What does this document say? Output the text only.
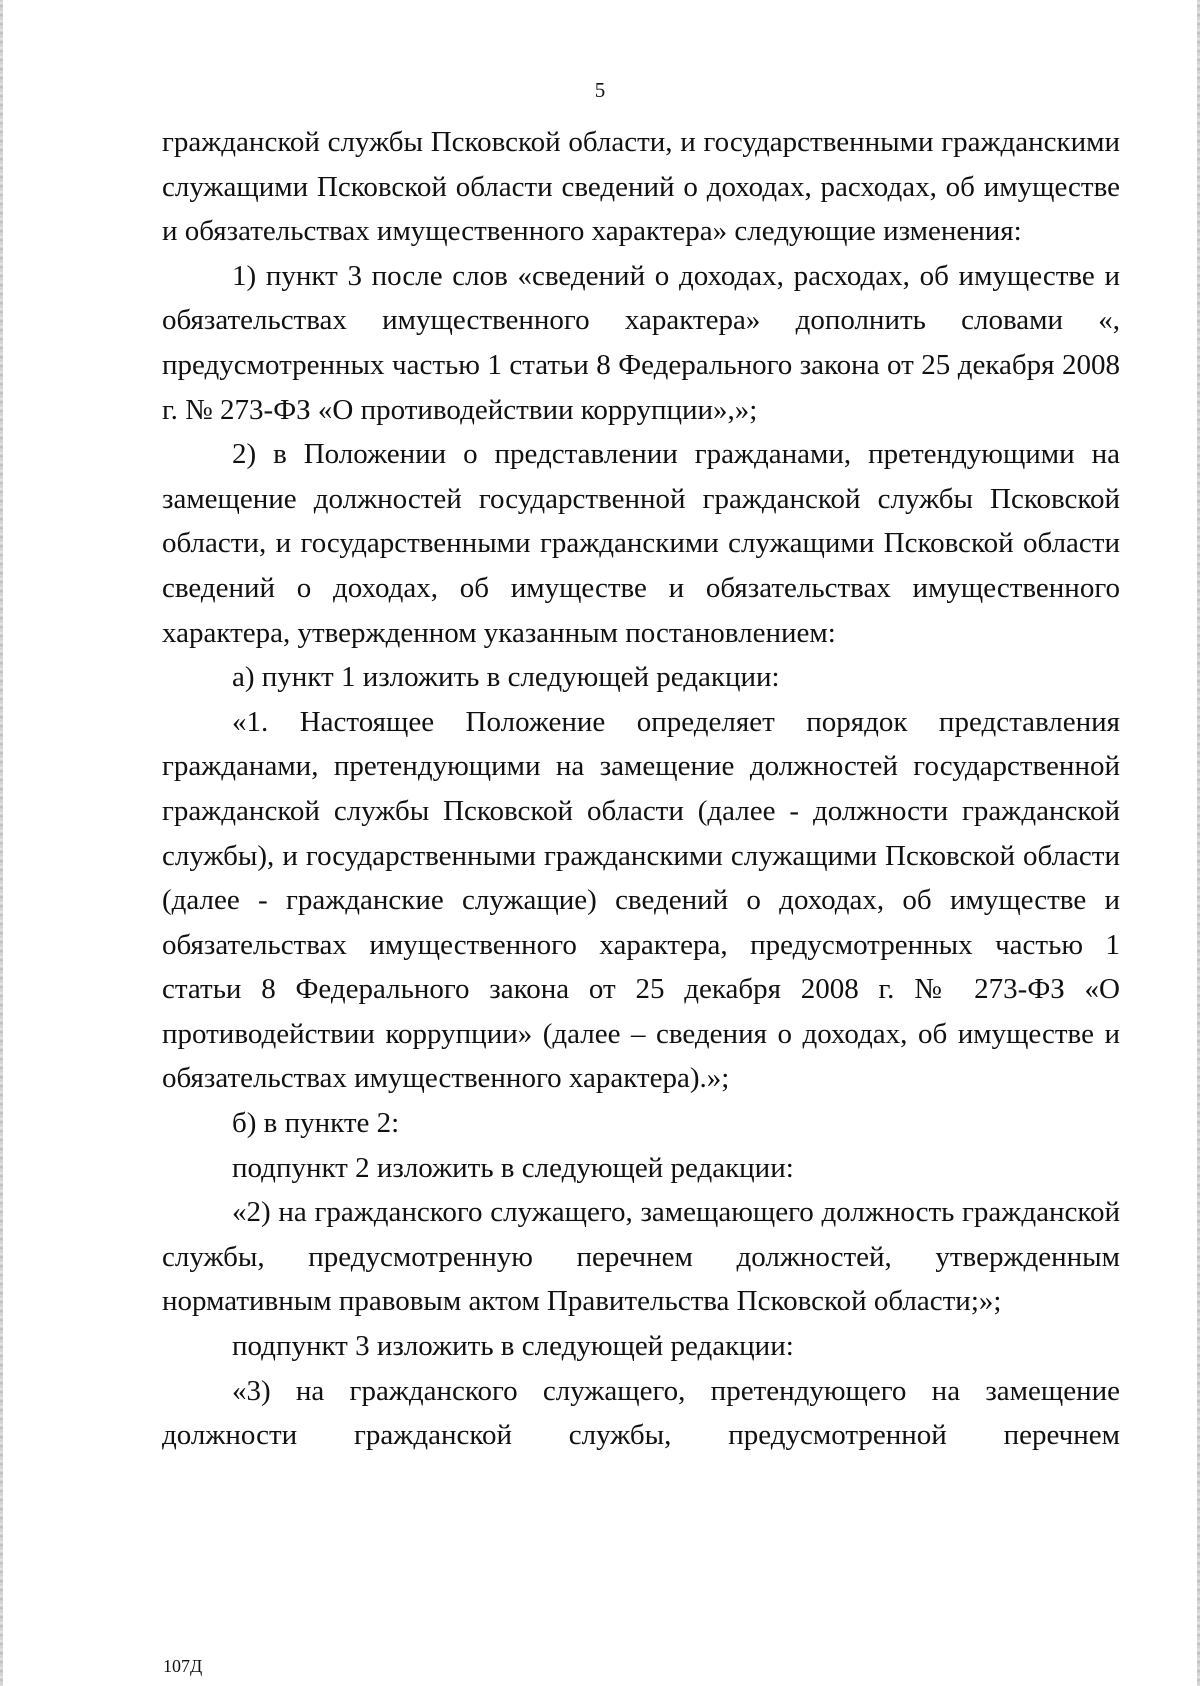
5

гражданской службы Псковской области, и государственными гражданскими служащими Псковской области сведений о доходах, расходах, об имуществе и обязательствах имущественного характера» следующие изменения:

1) пункт 3 после слов «сведений о доходах, расходах, об имуществе и обязательствах имущественного характера» дополнить словами «, предусмотренных частью 1 статьи 8 Федерального закона от 25 декабря 2008 г. № 273-ФЗ «О противодействии коррупции»,»;

2) в Положении о представлении гражданами, претендующими на замещение должностей государственной гражданской службы Псковской области, и государственными гражданскими служащими Псковской области сведений о доходах, об имуществе и обязательствах имущественного характера, утвержденном указанным постановлением:

а) пункт 1 изложить в следующей редакции:

«1. Настоящее Положение определяет порядок представления гражданами, претендующими на замещение должностей государственной гражданской службы Псковской области (далее - должности гражданской службы), и государственными гражданскими служащими Псковской области (далее - гражданские служащие) сведений о доходах, об имуществе и обязательствах имущественного характера, предусмотренных частью 1 статьи 8 Федерального закона от 25 декабря 2008 г. № 273-ФЗ «О противодействии коррупции» (далее – сведения о доходах, об имуществе и обязательствах имущественного характера).»;

б) в пункте 2:

подпункт 2 изложить в следующей редакции:

«2) на гражданского служащего, замещающего должность гражданской службы, предусмотренную перечнем должностей, утвержденным нормативным правовым актом Правительства Псковской области;»;

подпункт 3 изложить в следующей редакции:

«3) на гражданского служащего, претендующего на замещение должности гражданской службы, предусмотренной перечнем

107Д
